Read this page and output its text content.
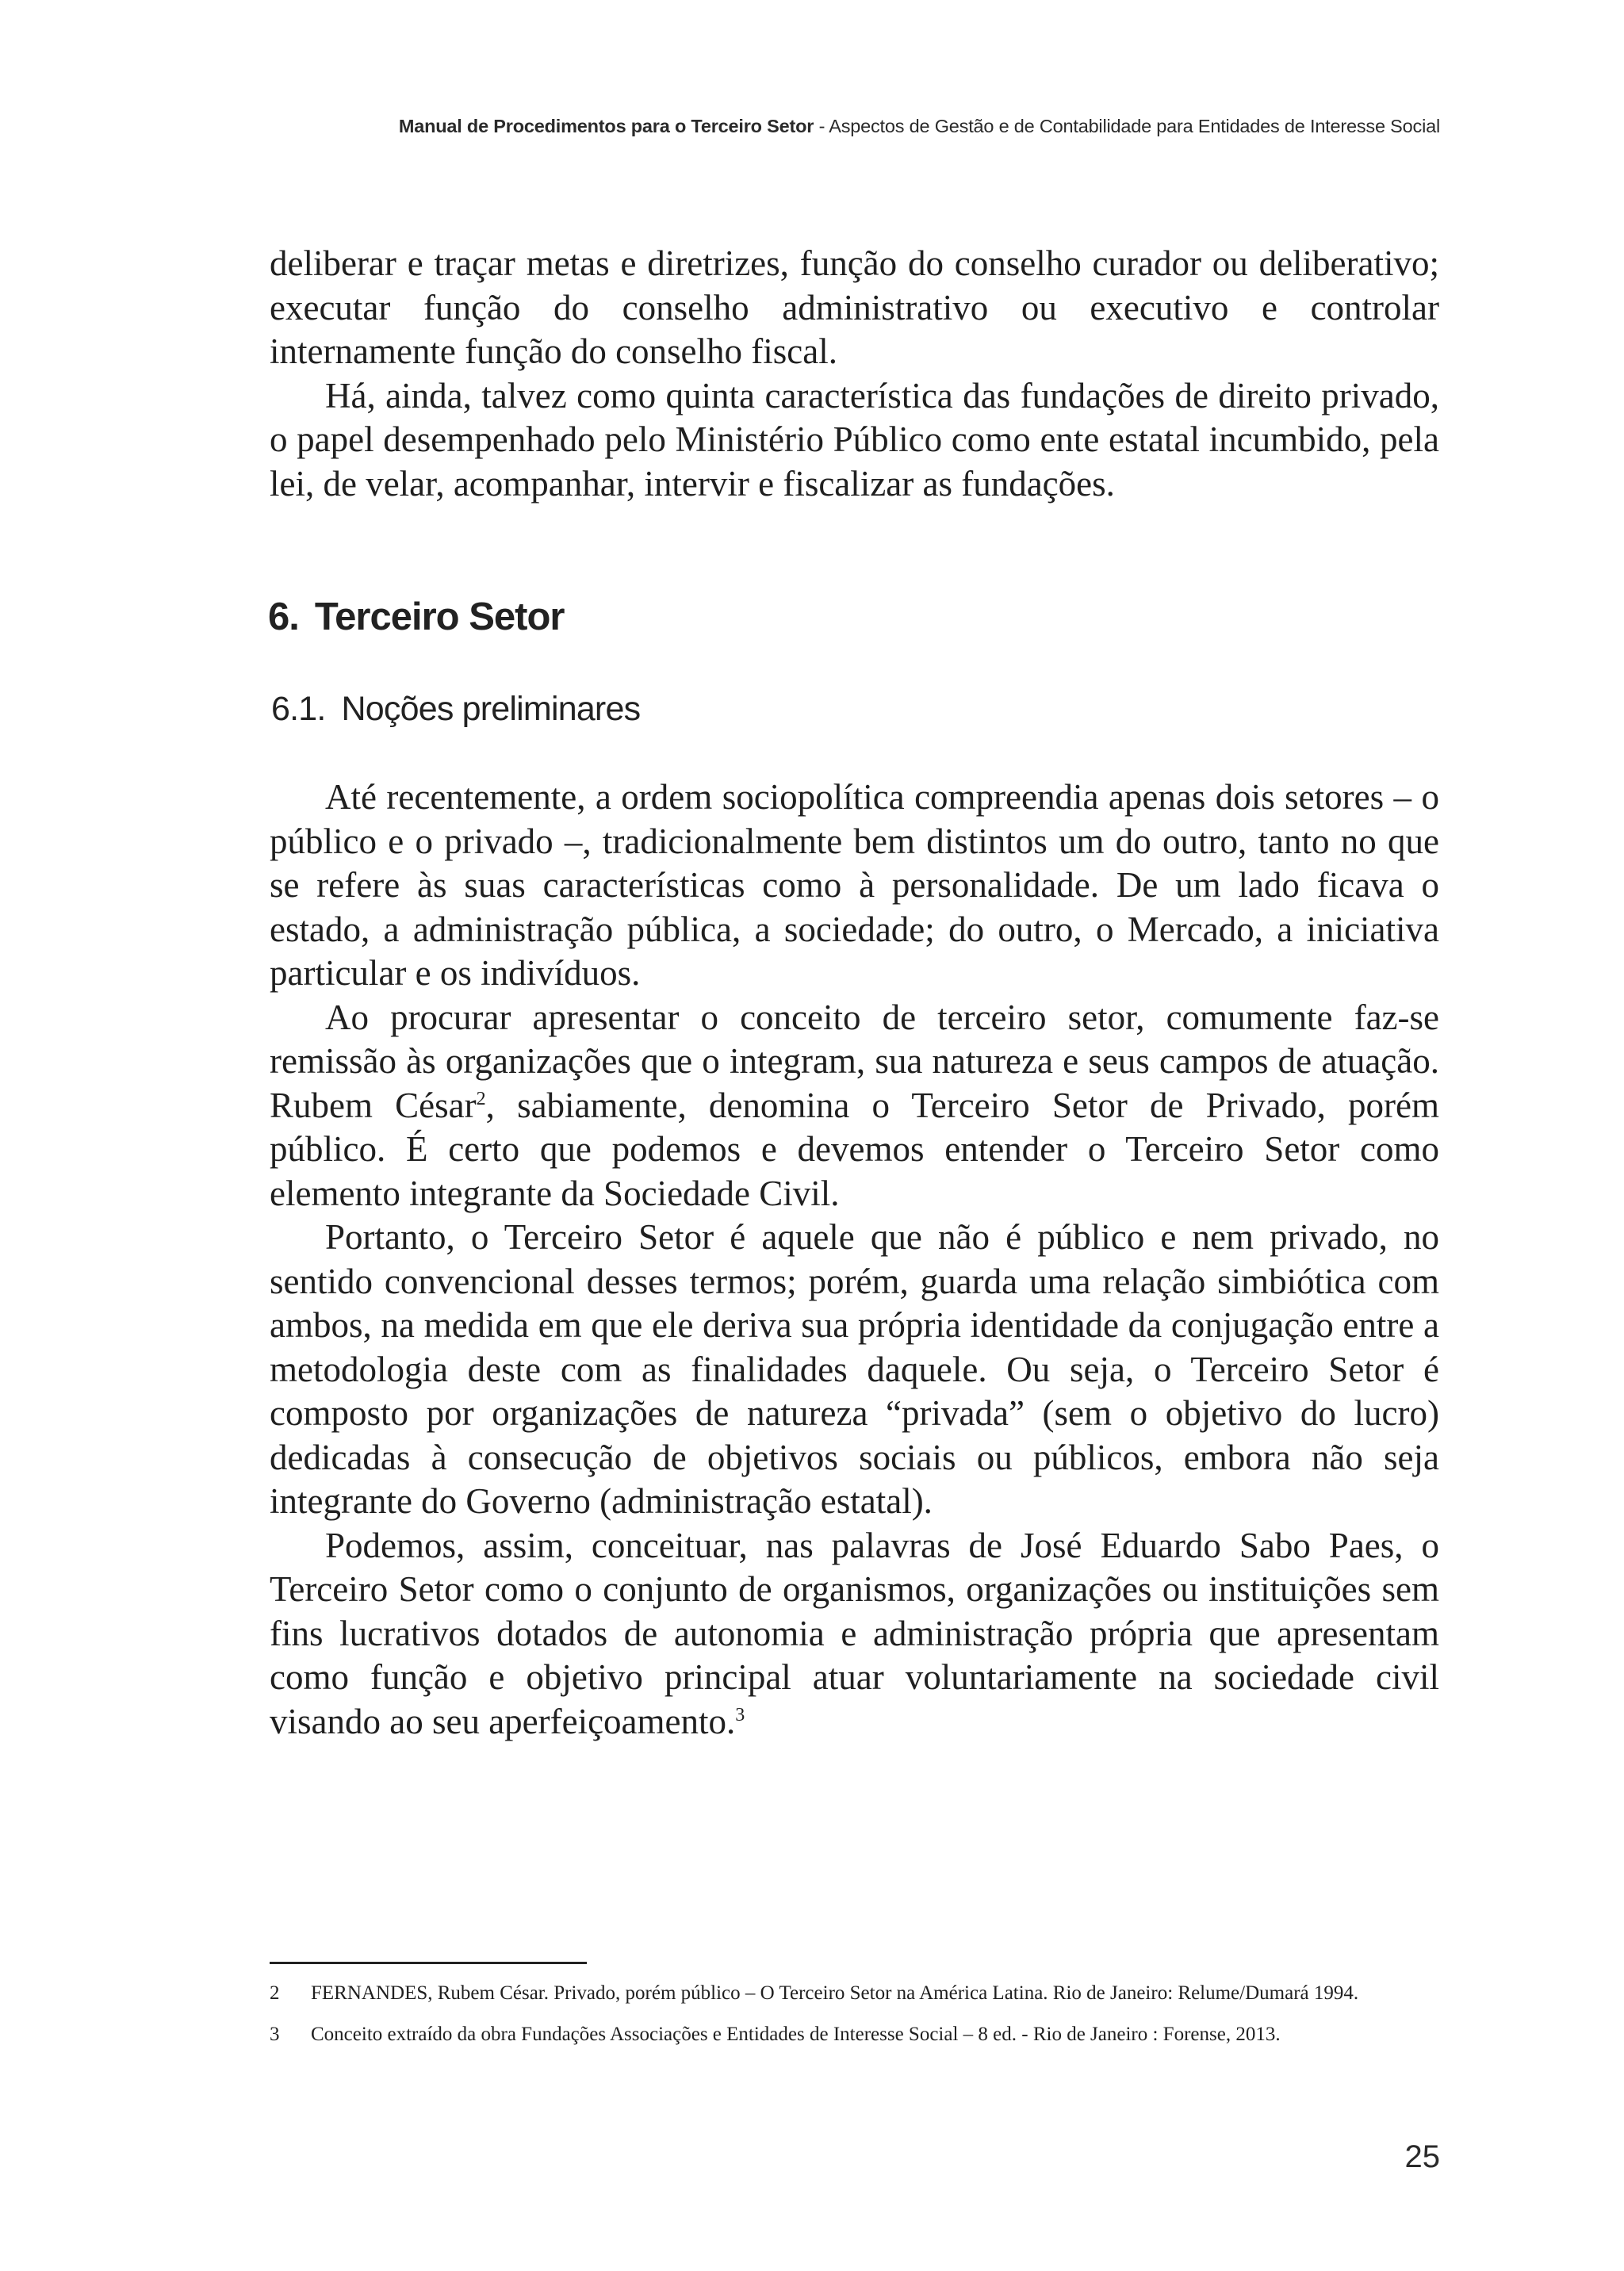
Manual de Procedimentos para o Terceiro Setor - Aspectos de Gestão e de Contabilidade para Entidades de Interesse Social

deliberar e traçar metas e diretrizes, função do conselho curador ou deliberativo; executar função do conselho administrativo ou executivo e controlar internamente função do conselho fiscal.

Há, ainda, talvez como quinta característica das fundações de direito privado, o papel desempenhado pelo Ministério Público como ente estatal incumbido, pela lei, de velar, acompanhar, intervir e fiscalizar as fundações.

6. Terceiro Setor
6.1. Noções preliminares

Até recentemente, a ordem sociopolítica compreendia apenas dois setores – o público e o privado –, tradicionalmente bem distintos um do outro, tanto no que se refere às suas características como à personalidade. De um lado ficava o estado, a administração pública, a sociedade; do outro, o Mercado, a iniciativa particular e os indivíduos.

Ao procurar apresentar o conceito de terceiro setor, comumente faz-se remissão às organizações que o integram, sua natureza e seus campos de atuação. Rubem César$^2$, sabiamente, denomina o Terceiro Setor de Privado, porém público. É certo que podemos e devemos entender o Terceiro Setor como elemento integrante da Sociedade Civil.

Portanto, o Terceiro Setor é aquele que não é público e nem privado, no sentido convencional desses termos; porém, guarda uma relação simbiótica com ambos, na medida em que ele deriva sua própria identidade da conjugação entre a metodologia deste com as finalidades daquele. Ou seja, o Terceiro Setor é composto por organizações de natureza “privada” (sem o objetivo do lucro) dedicadas à consecução de objetivos sociais ou públicos, embora não seja integrante do Governo (administração estatal).

Podemos, assim, conceituar, nas palavras de José Eduardo Sabo Paes, o Terceiro Setor como o conjunto de organismos, organizações ou instituições sem fins lucrativos dotados de autonomia e administração própria que apresentam como função e objetivo principal atuar voluntariamente na sociedade civil visando ao seu aperfeiçoamento.$^3$

2	FERNANDES, Rubem César. Privado, porém público – O Terceiro Setor na América Latina. Rio de Janeiro: Relume/Dumará 1994.
3	Conceito extraído da obra Fundações Associações e Entidades de Interesse Social – 8 ed. - Rio de Janeiro : Forense, 2013.
25
